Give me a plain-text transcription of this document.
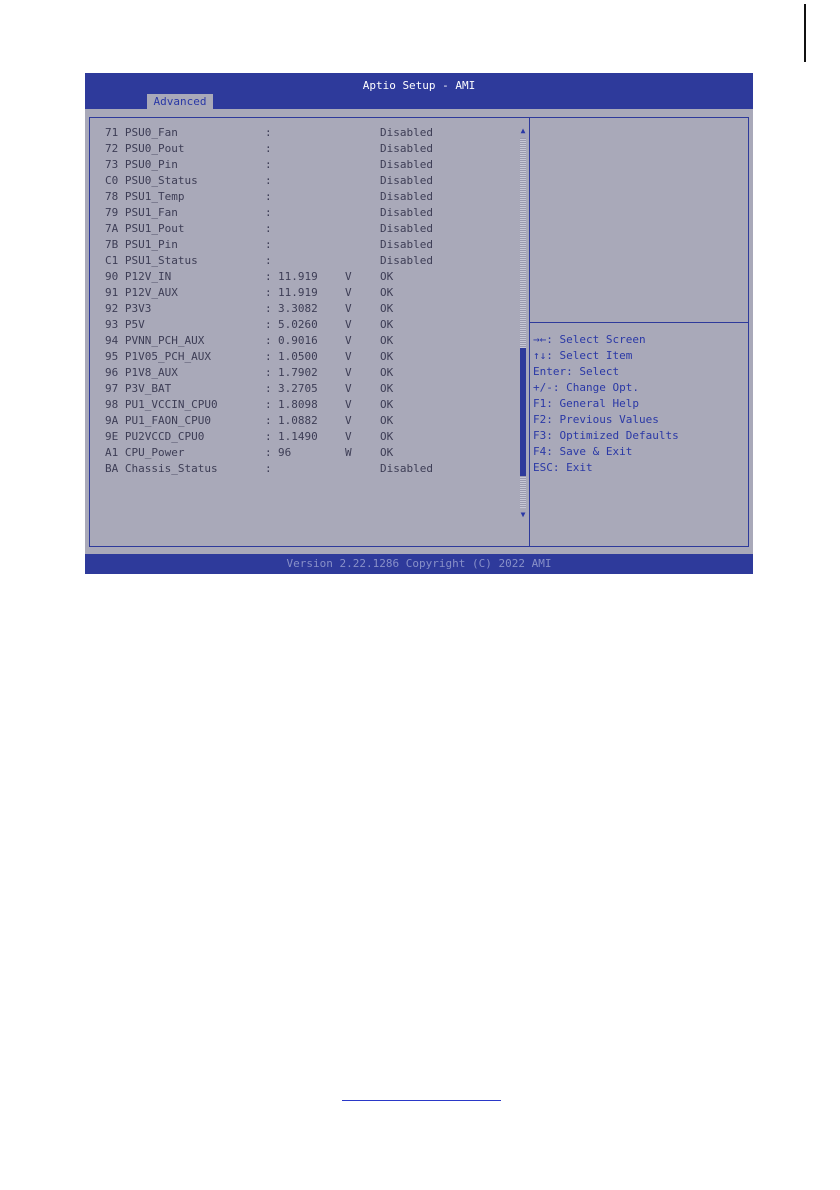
Aptio Setup - AMI
Advanced
71 PSU0_Fan	:	Disabled
72 PSU0_Pout	:	Disabled
73 PSU0_Pin	:	Disabled
C0 PSU0_Status	:	Disabled
78 PSU1_Temp	:	Disabled
79 PSU1_Fan	:	Disabled
7A PSU1_Pout	:	Disabled
7B PSU1_Pin	:	Disabled
C1 PSU1_Status	:	Disabled
90 P12V_IN	: 11.919 V	OK
91 P12V_AUX	: 11.919 V	OK
92 P3V3	: 3.3082 V	OK
93 P5V	: 5.0260 V	OK
94 PVNN_PCH_AUX	: 0.9016 V	OK
95 P1V05_PCH_AUX	: 1.0500 V	OK
96 P1V8_AUX	: 1.7902 V	OK
97 P3V_BAT	: 3.2705 V	OK
98 PU1_VCCIN_CPU0	: 1.8098 V	OK
9A PU1_FAON_CPU0	: 1.0882 V	OK
9E PU2VCCD_CPU0	: 1.1490 V	OK
A1 CPU_Power	: 96	W	OK
BA Chassis_Status	:	Disabled
▲
▼
→←: Select Screen
↑↓: Select Item
Enter: Select
+/-: Change Opt.
F1: General Help
F2: Previous Values
F3: Optimized Defaults
F4: Save & Exit
ESC: Exit
Version 2.22.1286 Copyright (C) 2022 AMI
